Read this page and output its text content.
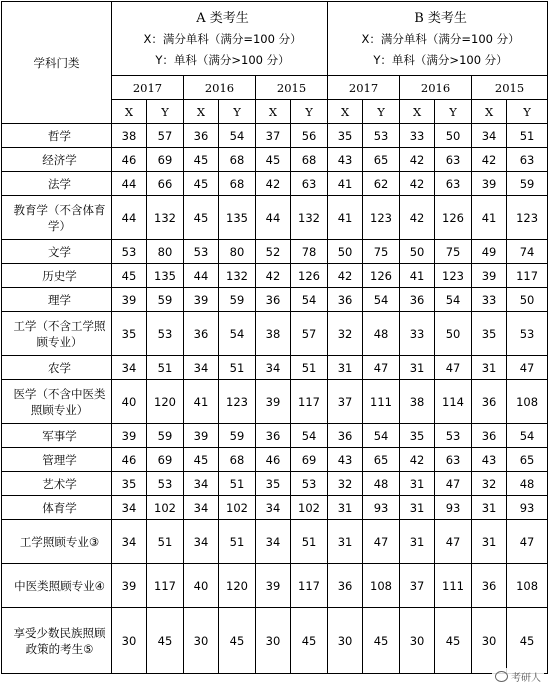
学科门类	A 类考生
X：满分单科（满分=100 分）
Y：单科（满分>100 分）						B 类考生
X：满分单科（满分=100 分）
Y：单科（满分>100 分）					

	2017		2016		2015		2017		2016		2015	
	X	Y	X	Y	X	Y	X	Y	X	Y	X	Y
哲学	38	57	36	54	37	56	35	53	33	50	34	51
经济学	46	69	45	68	45	68	43	65	42	63	42	63
法学	44	66	45	68	42	63	41	62	42	63	39	59
教育学（不含体育学）	44	132	45	135	44	132	41	123	42	126	41	123
文学	53	80	53	80	52	78	50	75	50	75	49	74
历史学	45	135	44	132	42	126	42	126	41	123	39	117
理学	39	59	39	59	36	54	36	54	36	54	33	50
工学（不含工学照顾专业）	35	53	36	54	38	57	32	48	33	50	35	53
农学	34	51	34	51	34	51	31	47	31	47	31	47
医学（不含中医类照顾专业）	40	120	41	123	39	117	37	111	38	114	36	108
军事学	39	59	39	59	36	54	36	54	35	53	36	54
管理学	46	69	45	68	46	69	43	65	42	63	43	65
艺术学	35	53	34	51	35	53	32	48	31	47	32	48
体育学	34	102	34	102	34	102	31	93	31	93	31	93
工学照顾专业③	34	51	34	51	34	51	31	47	31	47	31	47
中医类照顾专业④	39	117	40	120	39	117	36	108	37	111	36	108
享受少数民族照顾政策的考生⑤	30	45	30	45	30	45	30	45	30	45	30	45
考研人
